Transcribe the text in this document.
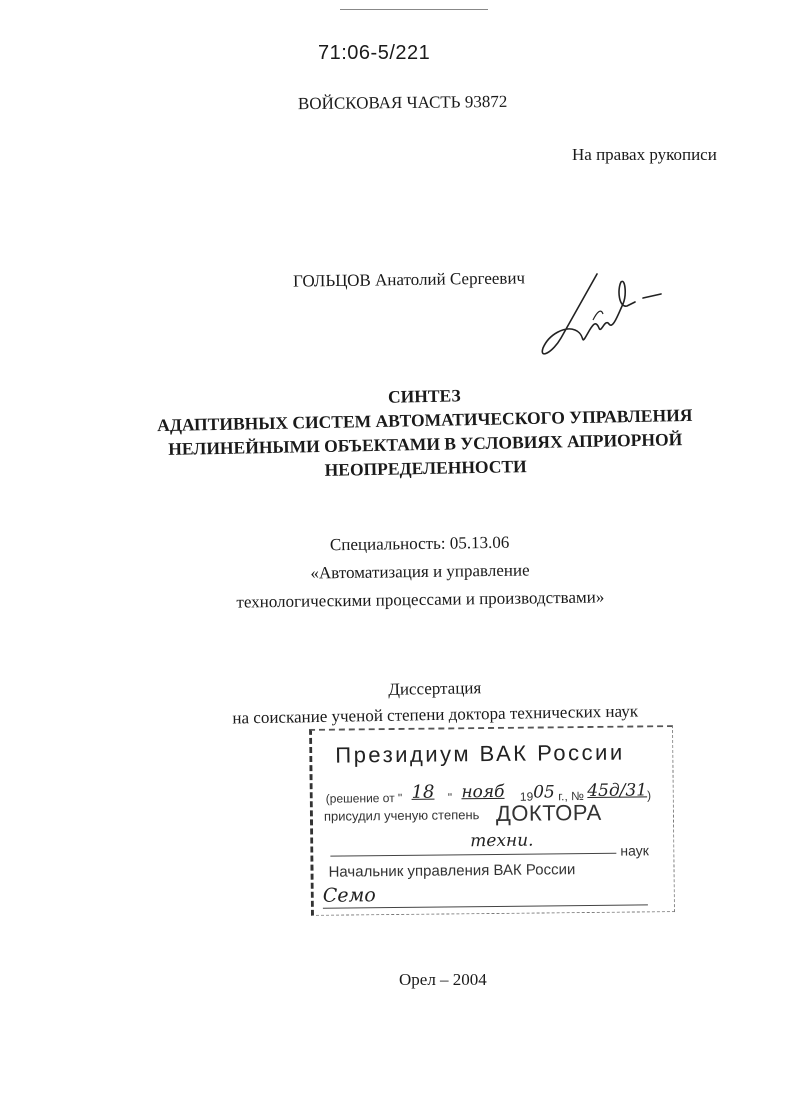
71:06-5/221
ВОЙСКОВАЯ ЧАСТЬ 93872
На правах рукописи
ГОЛЬЦОВ Анатолий Сергеевич
СИНТЕЗ
АДАПТИВНЫХ СИСТЕМ АВТОМАТИЧЕСКОГО УПРАВЛЕНИЯ
НЕЛИНЕЙНЫМИ ОБЪЕКТАМИ В УСЛОВИЯХ АПРИОРНОЙ
НЕОПРЕДЕЛЕННОСТИ
Специальность: 05.13.06
«Автоматизация и управление
технологическими процессами и производствами»
Диссертация
на соискание ученой степени доктора технических наук
Президиум ВАК России
(решение от " 18 " нояб 1905 г., № 45д/31)
присудил ученую степень ДОКТОРА
техни.	наук
Начальник управления ВАК России
Семо
Орел – 2004
